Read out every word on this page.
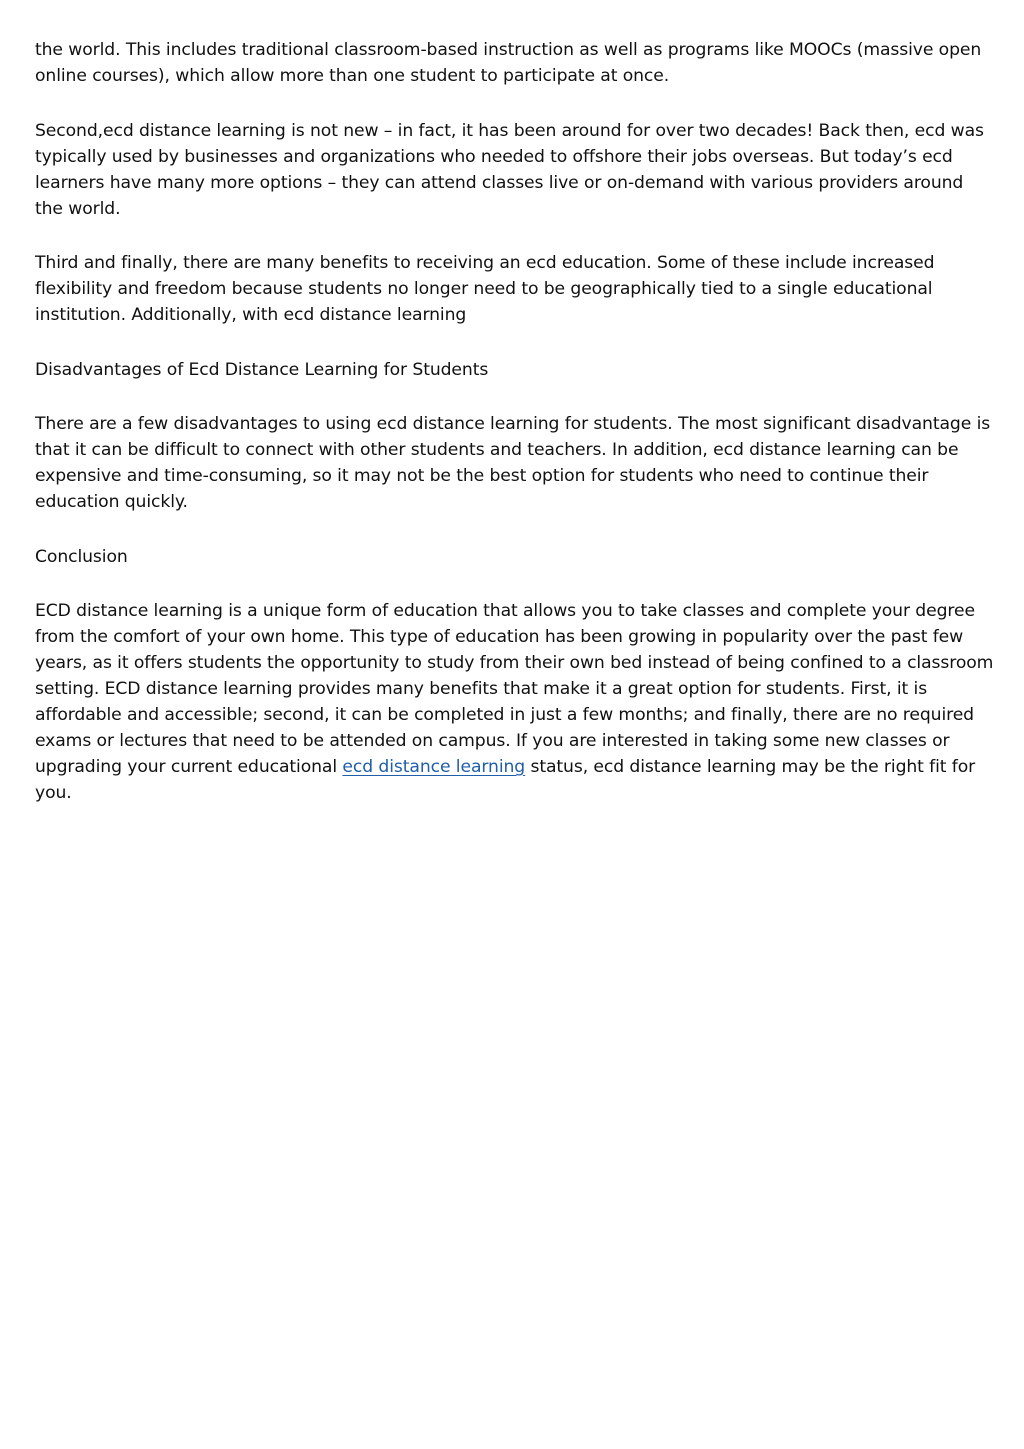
the world. This includes traditional classroom-based instruction as well as programs like MOOCs (massive open online courses), which allow more than one student to participate at once.

Second,ecd distance learning is not new – in fact, it has been around for over two decades! Back then, ecd was typically used by businesses and organizations who needed to offshore their jobs overseas. But today’s ecd learners have many more options – they can attend classes live or on-demand with various providers around the world.

Third and finally, there are many benefits to receiving an ecd education. Some of these include increased flexibility and freedom because students no longer need to be geographically tied to a single educational institution. Additionally, with ecd distance learning

Disadvantages of Ecd Distance Learning for Students

There are a few disadvantages to using ecd distance learning for students. The most significant disadvantage is that it can be difficult to connect with other students and teachers. In addition, ecd distance learning can be expensive and time-consuming, so it may not be the best option for students who need to continue their education quickly.

Conclusion

ECD distance learning is a unique form of education that allows you to take classes and complete your degree from the comfort of your own home. This type of education has been growing in popularity over the past few years, as it offers students the opportunity to study from their own bed instead of being confined to a classroom setting. ECD distance learning provides many benefits that make it a great option for students. First, it is affordable and accessible; second, it can be completed in just a few months; and finally, there are no required exams or lectures that need to be attended on campus. If you are interested in taking some new classes or upgrading your current educational ecd distance learning status, ecd distance learning may be the right fit for you.
